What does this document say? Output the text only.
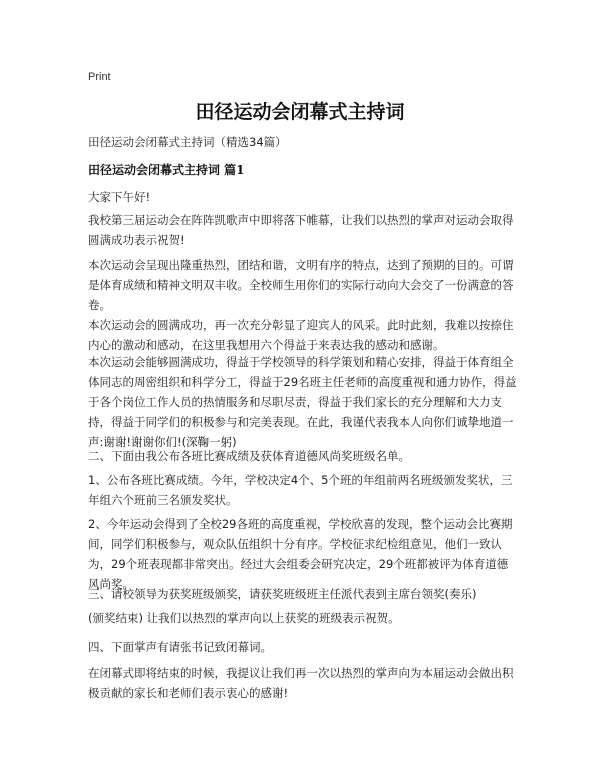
Print
田径运动会闭幕式主持词

田径运动会闭幕式主持词（精选34篇）

田径运动会闭幕式主持词 篇1

大家下午好!

我校第三届运动会在阵阵凯歌声中即将落下帷幕，让我们以热烈的掌声对运动会取得圆满成功表示祝贺!

本次运动会呈现出隆重热烈，团结和谐，文明有序的特点，达到了预期的目的。可谓是体育成绩和精神文明双丰收。全校师生用你们的实际行动向大会交了一份满意的答卷。

本次运动会的圆满成功，再一次充分彰显了迎宾人的风采。此时此刻，我难以按捺住内心的激动和感动，在这里我想用六个得益于来表达我的感动和感谢。

本次运动会能够圆满成功，得益于学校领导的科学策划和精心安排，得益于体育组全体同志的周密组织和科学分工，得益于29名班主任老师的高度重视和通力协作，得益于各个岗位工作人员的热情服务和尽职尽责，得益于我们家长的充分理解和大力支持，得益于同学们的积极参与和完美表现。在此，我谨代表我本人向你们诚挚地道一声:谢谢!谢谢你们!(深鞠一躬)

二、下面由我公布各班比赛成绩及获体育道德风尚奖班级名单。

1、公布各班比赛成绩。今年，学校决定4个、5个班的年组前两名班级颁发奖状，三年组六个班前三名颁发奖状。

2、今年运动会得到了全校29各班的高度重视，学校欣喜的发现，整个运动会比赛期间，同学们积极参与，观众队伍组织十分有序。学校征求纪检组意见，他们一致认为，29个班表现都非常突出。经过大会组委会研究决定，29个班都被评为体育道德风尚奖。

三、请校领导为获奖班级颁奖，请获奖班级班主任派代表到主席台领奖(奏乐)

(颁奖结束) 让我们以热烈的掌声向以上获奖的班级表示祝贺。

四、下面掌声有请张书记致闭幕词。

在闭幕式即将结束的时候，我提议让我们再一次以热烈的掌声向为本届运动会做出积极贡献的家长和老师们表示衷心的感谢!
